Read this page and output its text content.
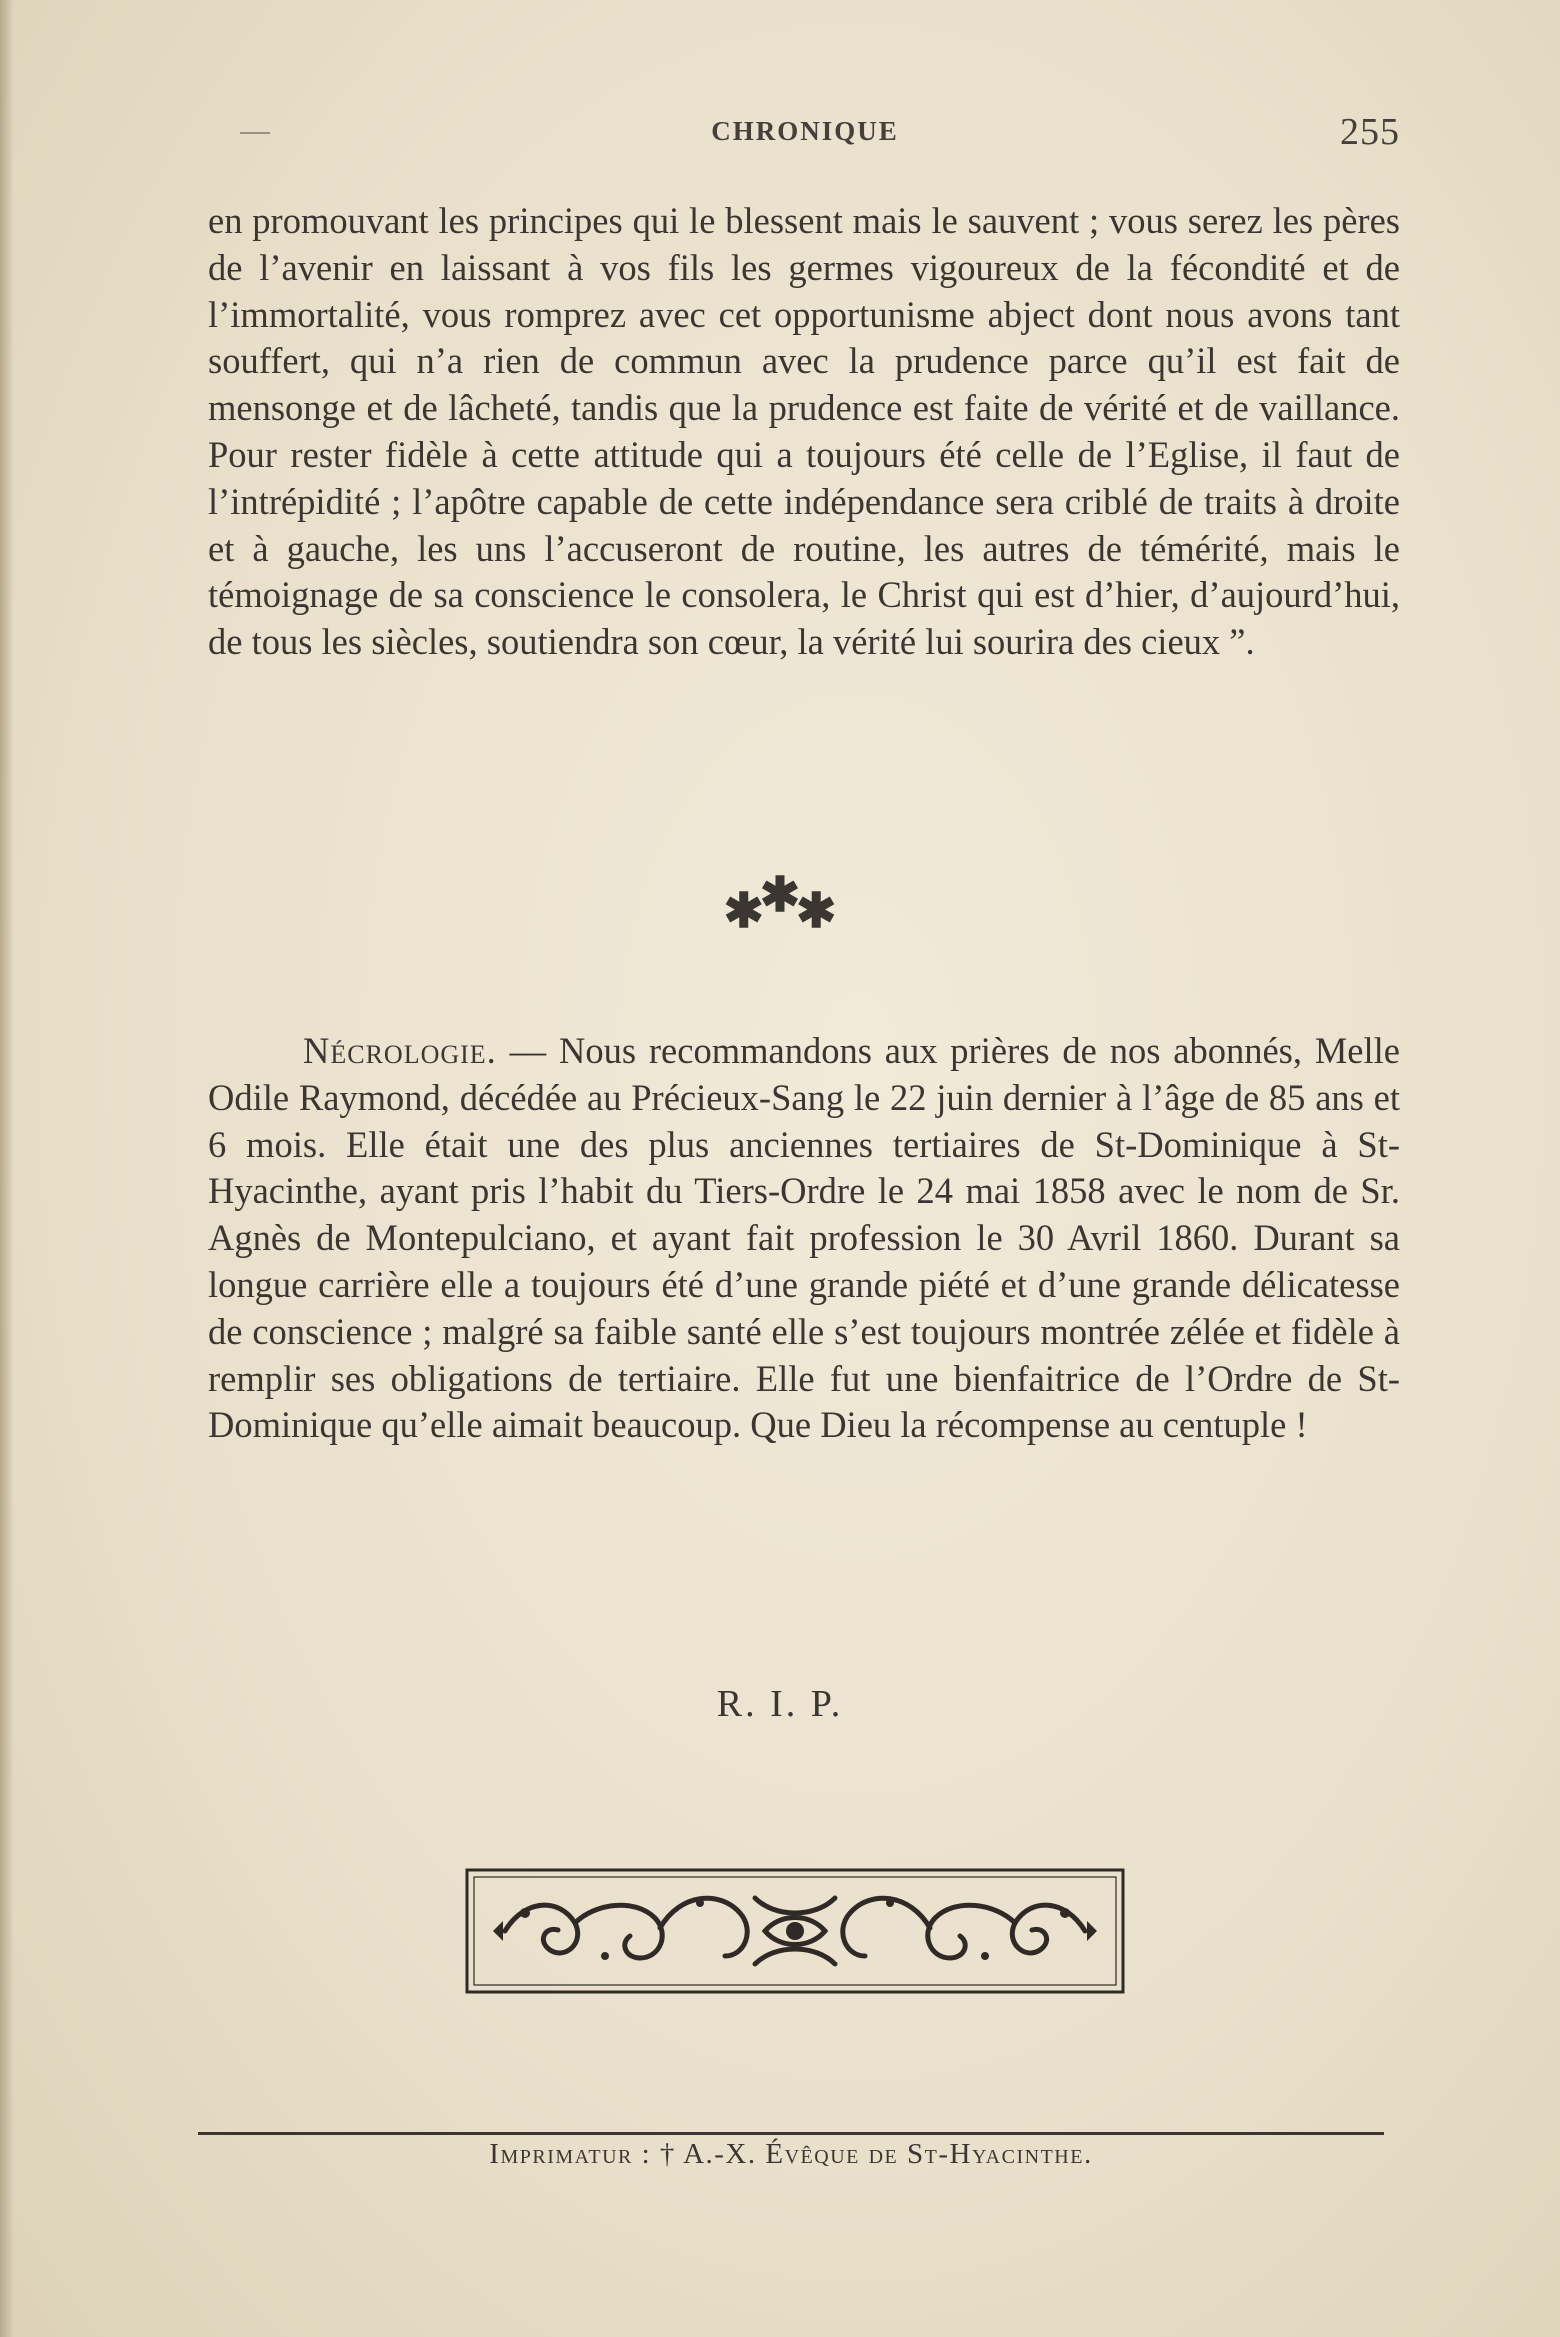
CHRONIQUE	255
en promouvant les principes qui le blessent mais le sauvent ; vous serez les pères de l’avenir en laissant à vos fils les germes vigoureux de la fécondité et de l’immortalité, vous romprez avec cet opportunisme abject dont nous avons tant souffert, qui n’a rien de commun avec la prudence parce qu’il est fait de mensonge et de lâcheté, tandis que la prudence est faite de vérité et de vaillance. Pour rester fidèle à cette attitude qui a toujours été celle de l’Eglise, il faut de l’intrépidité ; l’apôtre capable de cette indépendance sera criblé de traits à droite et à gauche, les uns l’accuseront de routine, les autres de témérité, mais le témoignage de sa conscience le consolera, le Christ qui est d’hier, d’aujourd’hui, de tous les siècles, soutiendra son cœur, la vérité lui sourira des cieux ”.
✱✱✱
Nécrologie. — Nous recommandons aux prières de nos abonnés, Melle Odile Raymond, décédée au Précieux-Sang le 22 juin dernier à l’âge de 85 ans et 6 mois. Elle était une des plus anciennes tertiaires de St-Dominique à St-Hyacinthe, ayant pris l’habit du Tiers-Ordre le 24 mai 1858 avec le nom de Sr. Agnès de Montepulciano, et ayant fait profession le 30 Avril 1860. Durant sa longue carrière elle a toujours été d’une grande piété et d’une grande délicatesse de conscience ; malgré sa faible santé elle s’est toujours montrée zélée et fidèle à remplir ses obligations de tertiaire. Elle fut une bienfaitrice de l’Ordre de St-Dominique qu’elle aimait beaucoup. Que Dieu la récompense au centuple !
R. I. P.
Imprimatur : † A.-X. Évêque de St-Hyacinthe.
